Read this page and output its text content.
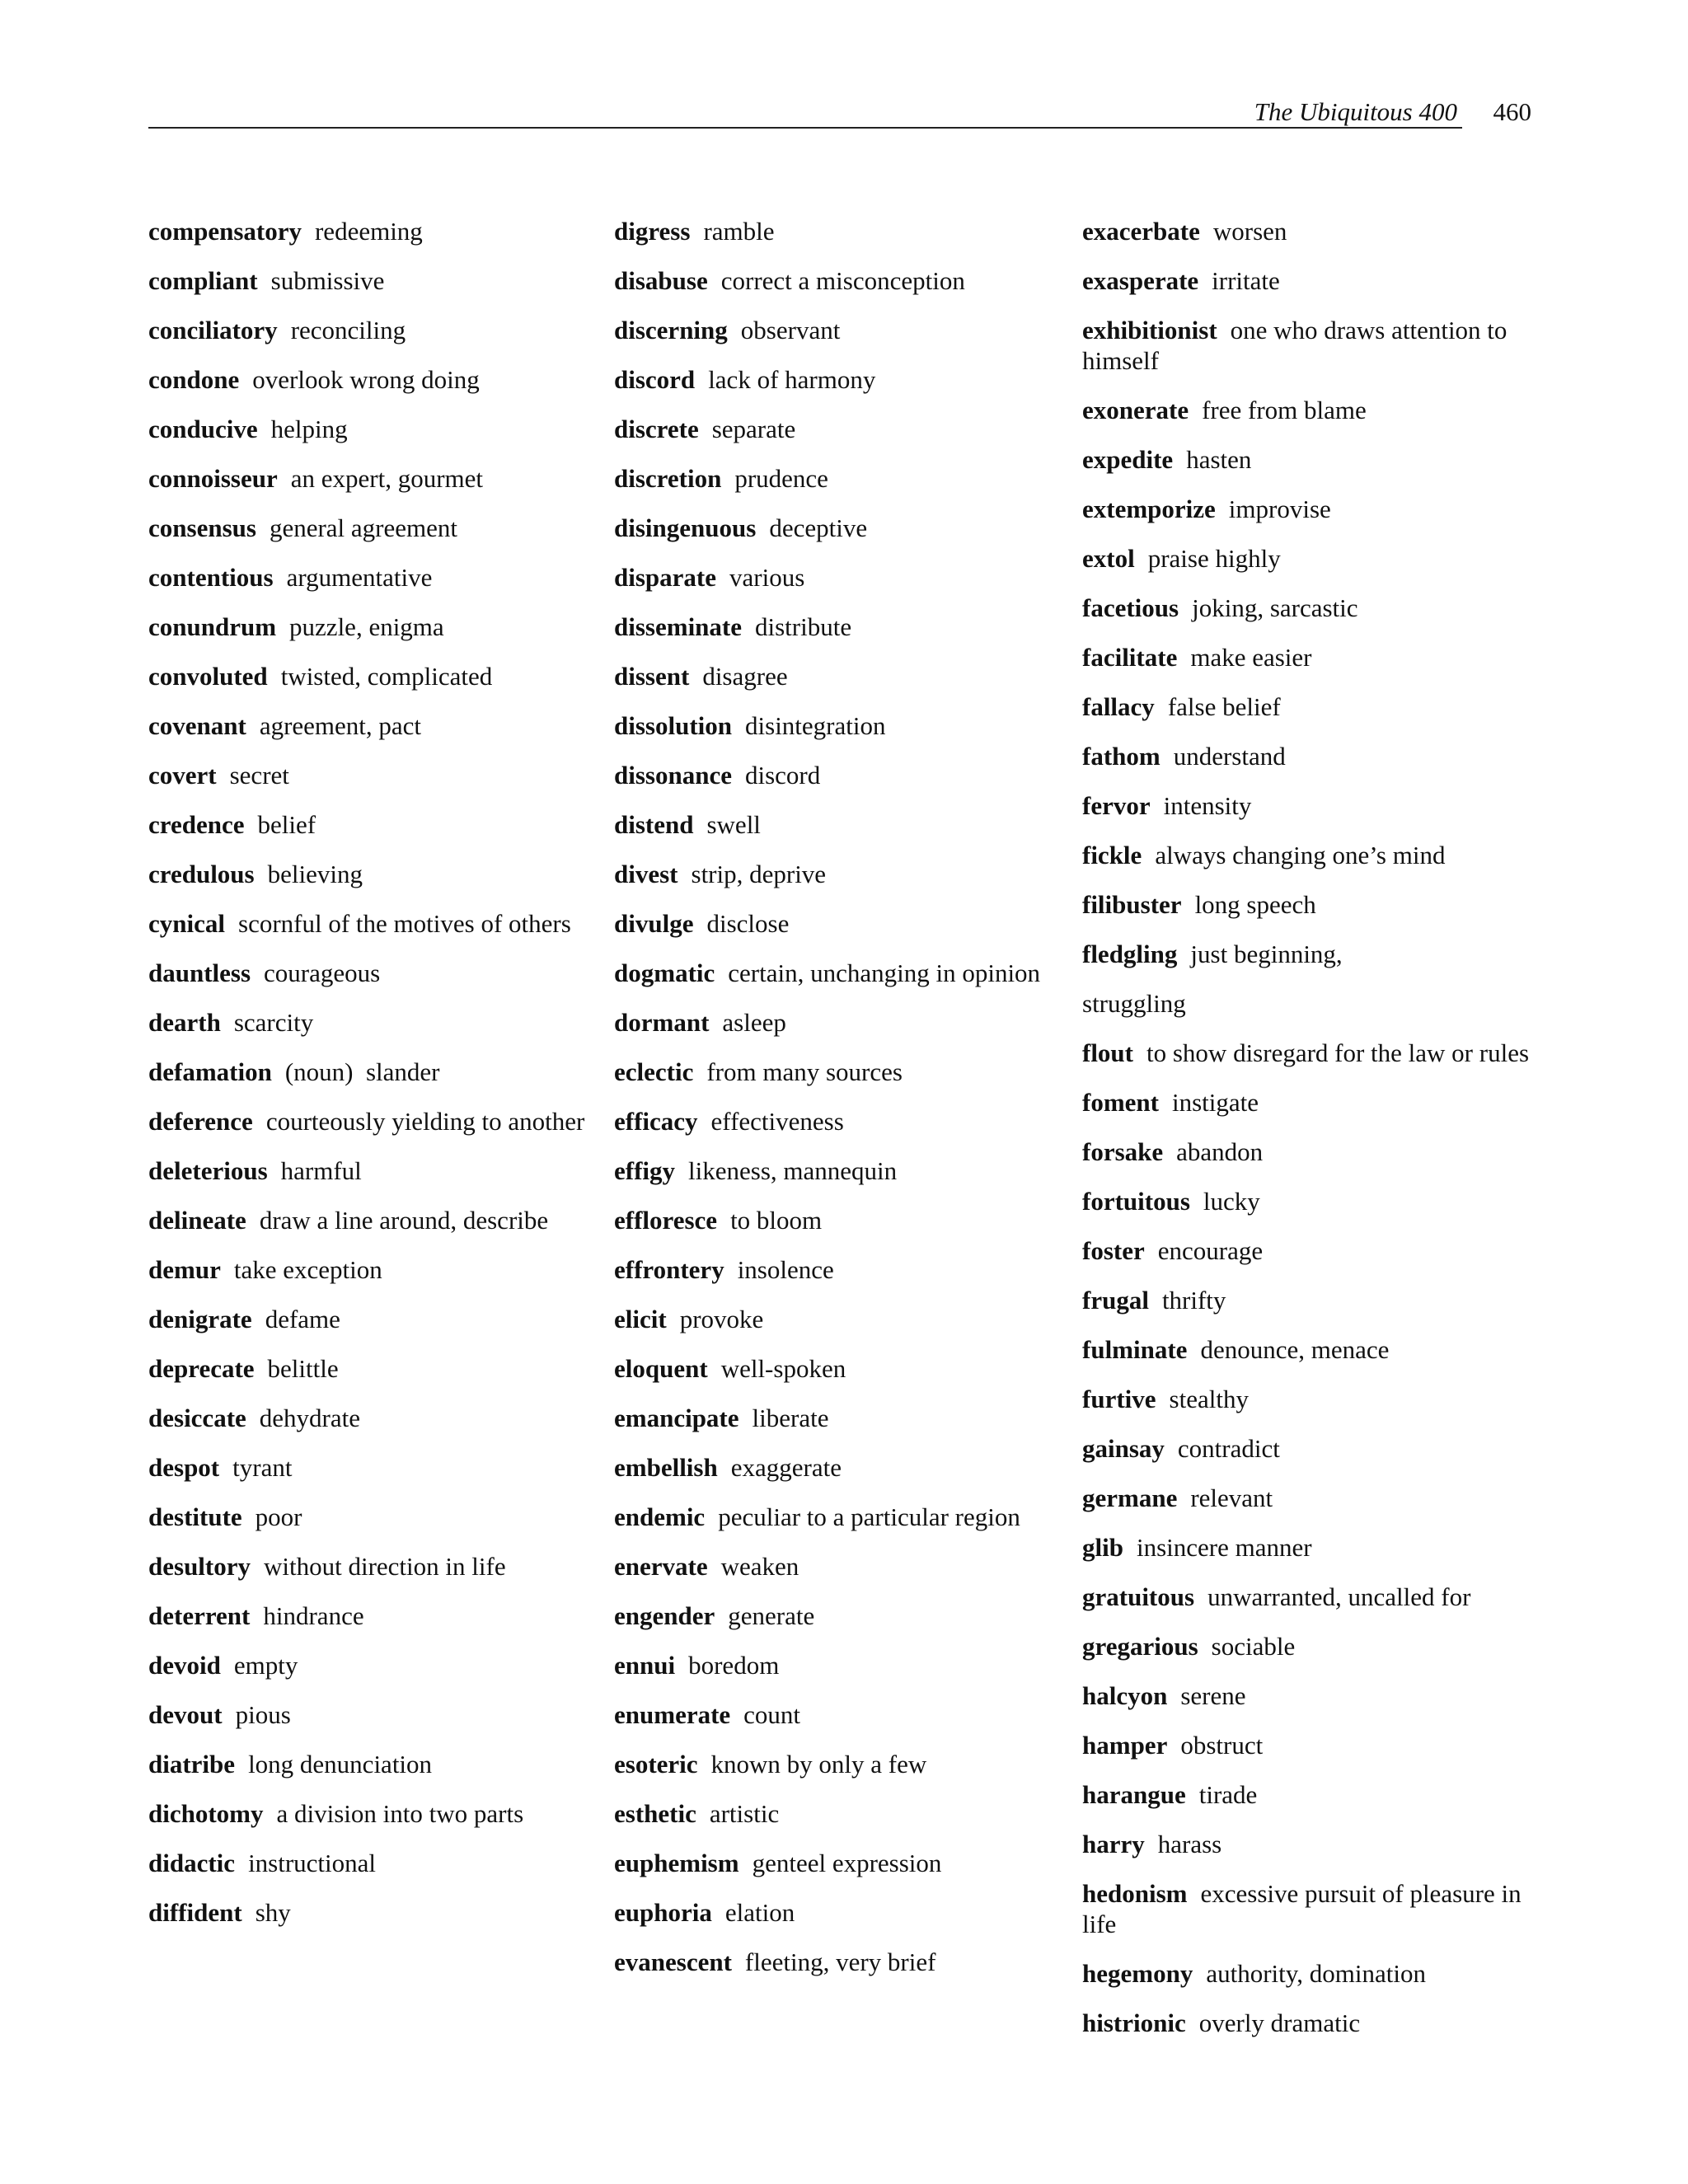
The Ubiquitous 400 460
compensatory redeeming
compliant submissive
conciliatory reconciling
condone overlook wrong doing
conducive helping
connoisseur an expert, gourmet
consensus general agreement
contentious argumentative
conundrum puzzle, enigma
convoluted twisted, complicated
covenant agreement, pact
covert secret
credence belief
credulous believing
cynical scornful of the motives of others
dauntless courageous
dearth scarcity
defamation (noun)  slander
deference courteously yielding to another
deleterious harmful
delineate draw a line around, describe
demur take exception
denigrate defame
deprecate belittle
desiccate dehydrate
despot tyrant
destitute poor
desultory without direction in life
deterrent hindrance
devoid empty
devout pious
diatribe long denunciation
dichotomy a division into two parts
didactic instructional
diffident shy
digress ramble
disabuse correct a misconception
discerning observant
discord lack of harmony
discrete separate
discretion prudence
disingenuous deceptive
disparate various
disseminate distribute
dissent disagree
dissolution disintegration
dissonance discord
distend swell
divest strip, deprive
divulge disclose
dogmatic certain, unchanging in opinion
dormant asleep
eclectic from many sources
efficacy effectiveness
effigy likeness, mannequin
effloresce to bloom
effrontery insolence
elicit provoke
eloquent well-spoken
emancipate liberate
embellish exaggerate
endemic peculiar to a particular region
enervate weaken
engender generate
ennui boredom
enumerate count
esoteric known by only a few
esthetic artistic
euphemism genteel expression
euphoria elation
evanescent fleeting, very brief
exacerbate worsen
exasperate irritate
exhibitionist one who draws attention to himself
exonerate free from blame
expedite hasten
extemporize improvise
extol praise highly
facetious joking, sarcastic
facilitate make easier
fallacy false belief
fathom understand
fervor intensity
fickle always changing one’s mind
filibuster long speech
fledgling just beginning,
struggling
flout to show disregard for the law or rules
foment instigate
forsake abandon
fortuitous lucky
foster encourage
frugal thrifty
fulminate denounce, menace
furtive stealthy
gainsay contradict
germane relevant
glib insincere manner
gratuitous unwarranted, uncalled for
gregarious sociable
halcyon serene
hamper obstruct
harangue tirade
harry harass
hedonism excessive pursuit of pleasure in life
hegemony authority, domination
histrionic overly dramatic
